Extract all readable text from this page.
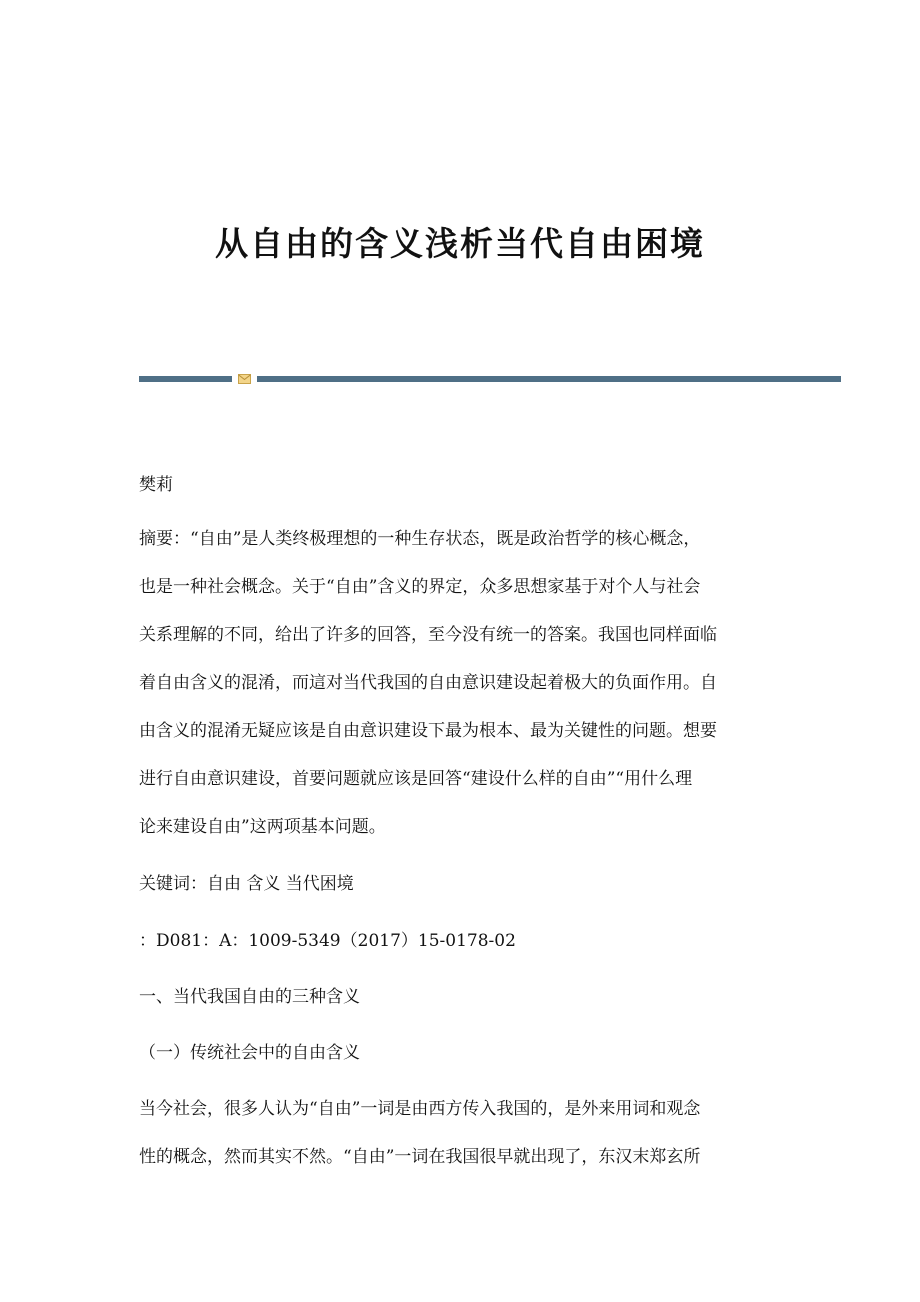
从自由的含义浅析当代自由困境

樊莉

摘要：“自由”是人类终极理想的一种生存状态，既是政治哲学的核心概念，
也是一种社会概念。关于“自由”含义的界定，众多思想家基于对个人与社会
关系理解的不同，给出了许多的回答，至今没有统一的答案。我国也同样面临
着自由含义的混淆，而這对当代我国的自由意识建设起着极大的负面作用。自
由含义的混淆无疑应该是自由意识建设下最为根本、最为关键性的问题。想要
进行自由意识建设，首要问题就应该是回答“建设什么样的自由”“用什么理
论来建设自由”这两项基本问题。

关键词：自由 含义 当代困境

：D081：A：1009-5349（2017）15-0178-02

一、当代我国自由的三种含义

（一）传统社会中的自由含义

当今社会，很多人认为“自由”一词是由西方传入我国的，是外来用词和观念
性的概念，然而其实不然。“自由”一词在我国很早就出现了，东汉末郑玄所
